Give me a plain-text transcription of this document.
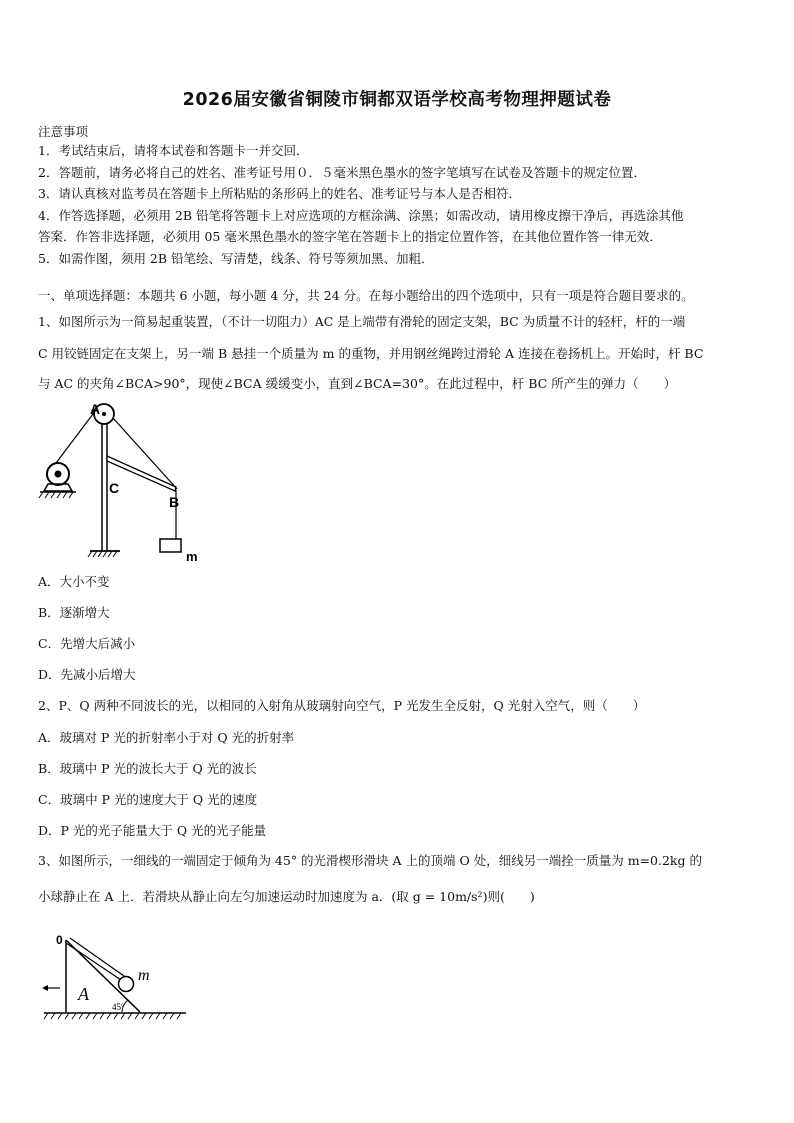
2026届安徽省铜陵市铜都双语学校高考物理押题试卷
注意事项
1．考试结束后，请将本试卷和答题卡一并交回．
2．答题前，请务必将自己的姓名、准考证号用０．５毫米黑色墨水的签字笔填写在试卷及答题卡的规定位置．
3．请认真核对监考员在答题卡上所粘贴的条形码上的姓名、准考证号与本人是否相符．
4．作答选择题，必须用 2B 铅笔将答题卡上对应选项的方框涂满、涂黑；如需改动，请用橡皮擦干净后，再选涂其他
答案．作答非选择题，必须用 05 毫米黑色墨水的签字笔在答题卡上的指定位置作答，在其他位置作答一律无效．
5．如需作图，须用 2B 铅笔绘、写清楚，线条、符号等须加黑、加粗．
一、单项选择题：本题共 6 小题，每小题 4 分，共 24 分。在每小题给出的四个选项中，只有一项是符合题目要求的。
1、如图所示为一简易起重装置，（不计一切阻力）AC 是上端带有滑轮的固定支架，BC 为质量不计的轻杆，杆的一端
C 用铰链固定在支架上，另一端 B 悬挂一个质量为 m 的重物，并用钢丝绳跨过滑轮 A 连接在卷扬机上。开始时，杆 BC
与 AC 的夹角∠BCA>90°，现使∠BCA 缓缓变小，直到∠BCA=30°。在此过程中，杆 BC 所产生的弹力（　　）
A
C
B
m
A．大小不变
B．逐渐增大
C．先增大后减小
D．先减小后增大
2、P、Q 两种不同波长的光，以相同的入射角从玻璃射向空气，P 光发生全反射，Q 光射入空气，则（　　）
A．玻璃对 P 光的折射率小于对 Q 光的折射率
B．玻璃中 P 光的波长大于 Q 光的波长
C．玻璃中 P 光的速度大于 Q 光的速度
D．P 光的光子能量大于 Q 光的光子能量
3、如图所示，一细线的一端固定于倾角为 45° 的光滑楔形滑块 A 上的顶端 O 处，细线另一端拴一质量为 m=0.2kg 的
小球静止在 A 上．若滑块从静止向左匀加速运动时加速度为 a．(取 g = 10m/s²)则(　　)
0
A
m
45°
